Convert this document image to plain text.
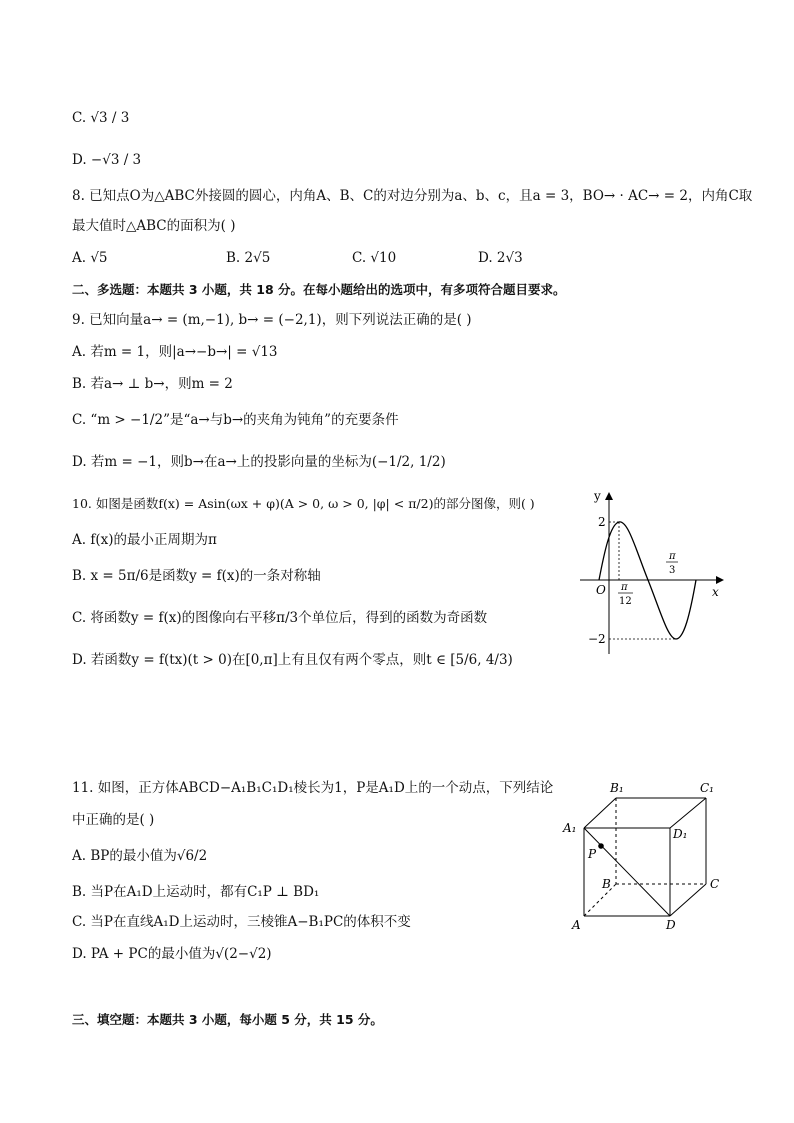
C. √3 / 3
D. −√3 / 3
8. 已知点O为△ABC外接圆的圆心，内角A、B、C的对边分别为a、b、c，且a = 3，BO→ · AC→ = 2，内角C取
最大值时△ABC的面积为( )
A. √5	B. 2√5	C. √10	D. 2√3
二、多选题：本题共 3 小题，共 18 分。在每小题给出的选项中，有多项符合题目要求。
9. 已知向量a→ = (m,−1), b→ = (−2,1)，则下列说法正确的是( )
A. 若m = 1，则|a→−b→| = √13
B. 若a→ ⊥ b→，则m = 2
C. “m > −1/2”是“a→与b→的夹角为钝角”的充要条件
D. 若m = −1，则b→在a→上的投影向量的坐标为(−1/2, 1/2)
10. 如图是函数f(x) = Asin(ωx + φ)(A > 0, ω > 0, |φ| < π/2)的部分图像，则( )
A. f(x)的最小正周期为π
B. x = 5π/6是函数y = f(x)的一条对称轴
C. 将函数y = f(x)的图像向右平移π/3个单位后，得到的函数为奇函数
D. 若函数y = f(tx)(t > 0)在[0,π]上有且仅有两个零点，则t ∈ [5/6, 4/3)
y
x
O
2
−2
π
12
π
3
11. 如图，正方体ABCD−A₁B₁C₁D₁棱长为1，P是A₁D上的一个动点，下列结论
中正确的是( )
A. BP的最小值为√6/2
B. 当P在A₁D上运动时，都有C₁P ⊥ BD₁
C. 当P在直线A₁D上运动时，三棱锥A−B₁PC的体积不变
D. PA + PC的最小值为√(2−√2)
A₁
B₁	C₁
D₁
P
B	C
A	D
三、填空题：本题共 3 小题，每小题 5 分，共 15 分。
